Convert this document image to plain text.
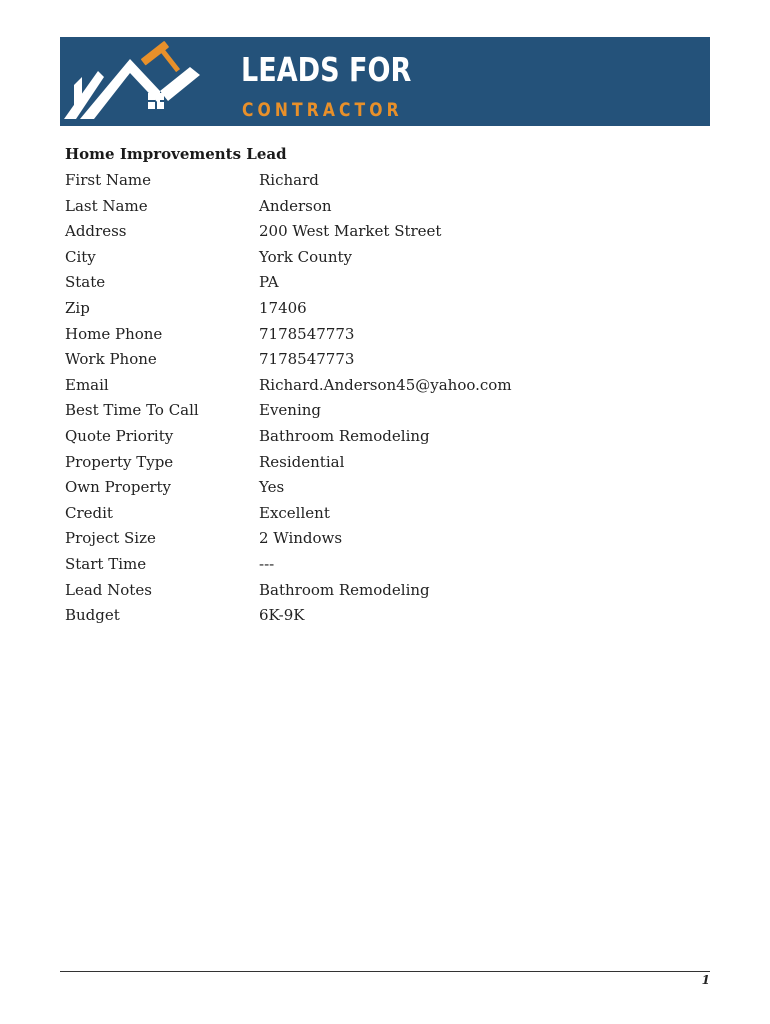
LEADS FOR
CONTRACTOR
Home Improvements Lead
First Name	Richard
Last Name	Anderson
Address	200 West Market Street
City	York County
State	PA
Zip	17406
Home Phone	7178547773
Work Phone	7178547773
Email	Richard.Anderson45@yahoo.com
Best Time To Call	Evening
Quote Priority	Bathroom Remodeling
Property Type	Residential
Own Property	Yes
Credit	Excellent
Project Size	2 Windows
Start Time	---
Lead Notes	Bathroom Remodeling
Budget	6K-9K
1
